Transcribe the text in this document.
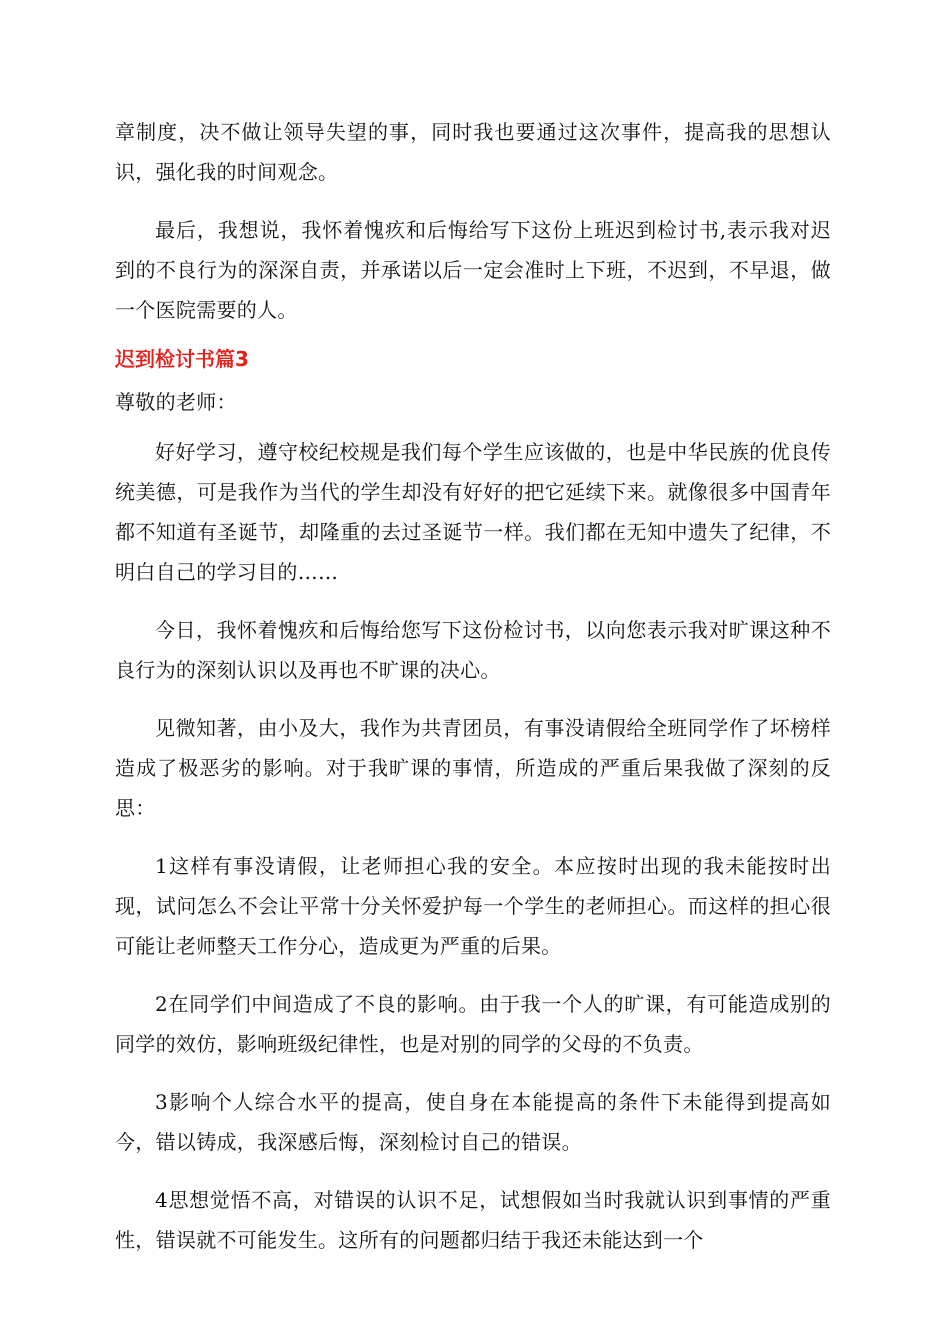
章制度，决不做让领导失望的事，同时我也要通过这次事件，提高我的思想认识，强化我的时间观念。

最后，我想说，我怀着愧疚和后悔给写下这份上班迟到检讨书,表示我对迟到的不良行为的深深自责，并承诺以后一定会准时上下班，不迟到，不早退，做一个医院需要的人。

迟到检讨书篇3

尊敬的老师：

好好学习，遵守校纪校规是我们每个学生应该做的，也是中华民族的优良传统美德，可是我作为当代的学生却没有好好的把它延续下来。就像很多中国青年都不知道有圣诞节，却隆重的去过圣诞节一样。我们都在无知中遗失了纪律，不明白自己的学习目的……

今日，我怀着愧疚和后悔给您写下这份检讨书，以向您表示我对旷课这种不良行为的深刻认识以及再也不旷课的决心。

见微知著，由小及大，我作为共青团员，有事没请假给全班同学作了坏榜样造成了极恶劣的影响。对于我旷课的事情，所造成的严重后果我做了深刻的反思：

1这样有事没请假，让老师担心我的安全。本应按时出现的我未能按时出现，试问怎么不会让平常十分关怀爱护每一个学生的老师担心。而这样的担心很可能让老师整天工作分心，造成更为严重的后果。

2在同学们中间造成了不良的影响。由于我一个人的旷课，有可能造成别的同学的效仿，影响班级纪律性，也是对别的同学的父母的不负责。

3影响个人综合水平的提高，使自身在本能提高的条件下未能得到提高如今，错以铸成，我深感后悔，深刻检讨自己的错误。

4思想觉悟不高，对错误的认识不足，试想假如当时我就认识到事情的严重性，错误就不可能发生。这所有的问题都归结于我还未能达到一个
